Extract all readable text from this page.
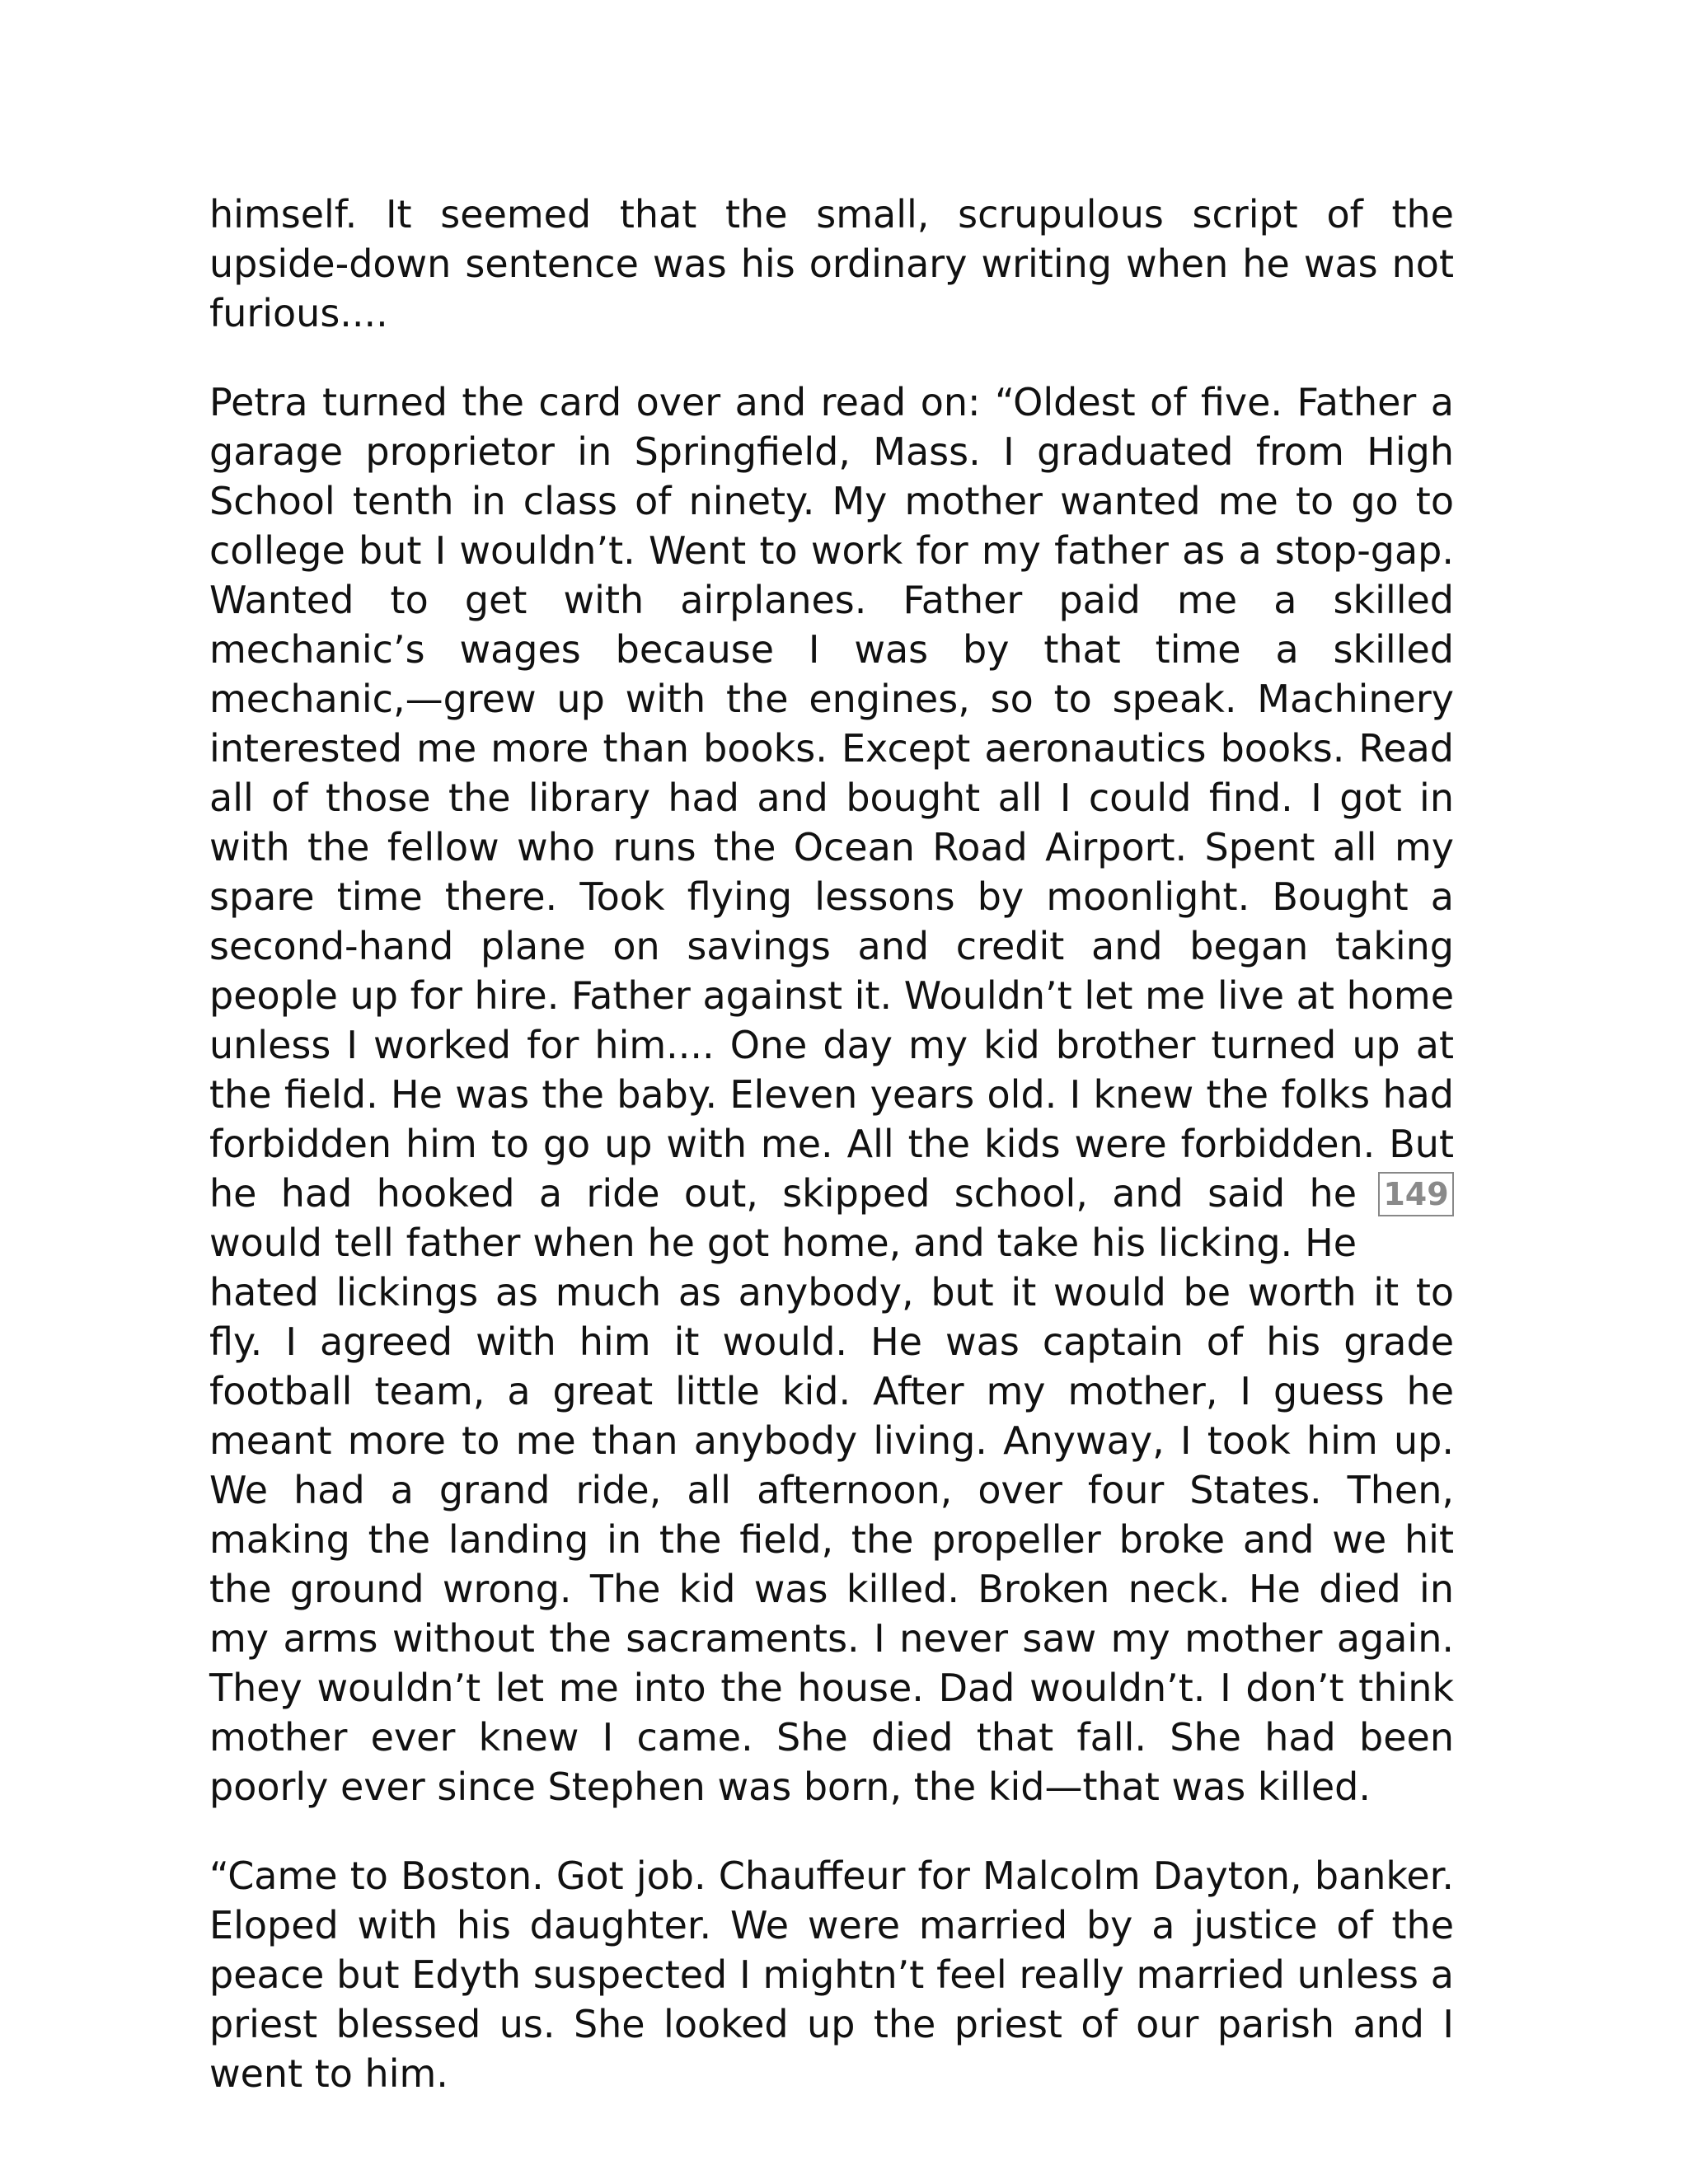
himself. It seemed that the small, scrupulous script of the upside-down sentence was his ordinary writing when he was not furious....

Petra turned the card over and read on: “Oldest of five. Father a garage proprietor in Springfield, Mass. I graduated from High School tenth in class of ninety. My mother wanted me to go to college but I wouldn’t. Went to work for my father as a stop-gap. Wanted to get with airplanes. Father paid me a skilled mechanic’s wages because I was by that time a skilled mechanic,—grew up with the engines, so to speak. Machinery interested me more than books. Except aeronautics books. Read all of those the library had and bought all I could find. I got in with the fellow who runs the Ocean Road Airport. Spent all my spare time there. Took flying lessons by moonlight. Bought a second-hand plane on savings and credit and began taking people up for hire. Father against it. Wouldn’t let me live at home unless I worked for him.... One day my kid brother turned up at the field. He was the baby. Eleven years old. I knew the folks had forbidden him to go up with me. All the kids were forbidden. But he	149
had hooked a ride out, skipped school, and said he would tell father when he got home, and take his licking. He hated lickings as much as anybody, but it would be worth it to fly. I agreed with him it would. He was captain of his grade football team, a great little kid. After my mother, I guess he meant more to me than anybody living. Anyway, I took him up. We had a grand ride, all afternoon, over four States. Then, making the landing in the field, the propeller broke and we hit the ground wrong. The kid was killed. Broken neck. He died in my arms without the sacraments. I never saw my mother again. They wouldn’t let me into the house. Dad wouldn’t. I don’t think mother ever knew I came. She died that fall. She had been poorly ever since Stephen was born, the kid—that was killed.

“Came to Boston. Got job. Chauffeur for Malcolm Dayton, banker. Eloped with his daughter. We were married by a justice of the peace but Edyth suspected I mightn’t feel really married unless a priest blessed us. She looked up the priest of our parish and I went to him.
